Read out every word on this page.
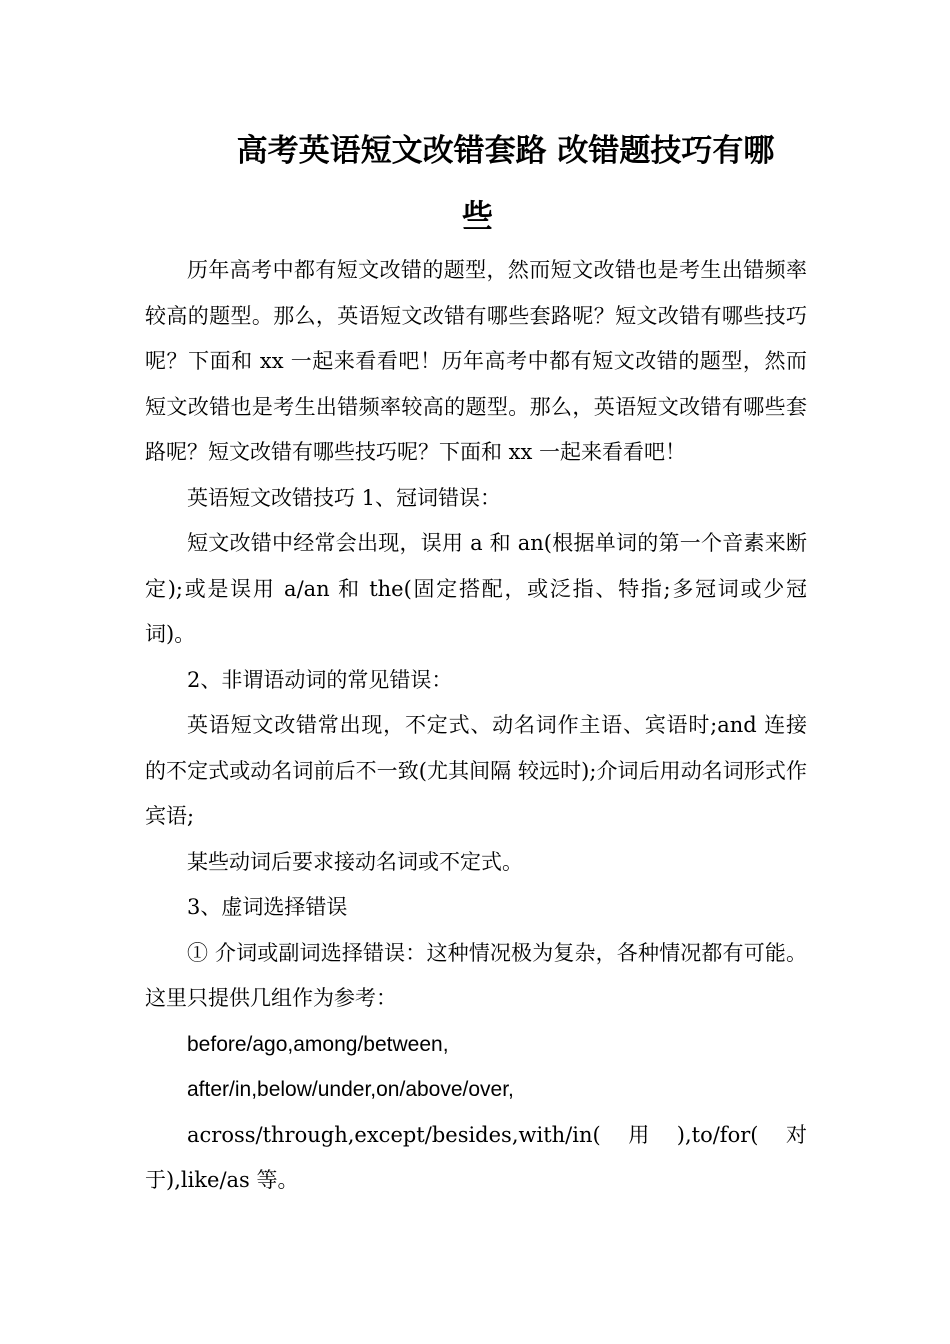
高考英语短文改错套路 改错题技巧有哪
些

历年高考中都有短文改错的题型，然而短文改错也是考生出错频率较高的题型。那么，英语短文改错有哪些套路呢？短文改错有哪些技巧呢？下面和 xx 一起来看看吧！历年高考中都有短文改错的题型，然而短文改错也是考生出错频率较高的题型。那么，英语短文改错有哪些套路呢？短文改错有哪些技巧呢？下面和 xx 一起来看看吧！

英语短文改错技巧 1、冠词错误：

短文改错中经常会出现，误用 a 和 an(根据单词的第一个音素来断定);或是误用 a/an 和 the(固定搭配，或泛指、特指;多冠词或少冠词)。

2、非谓语动词的常见错误：

英语短文改错常出现，不定式、动名词作主语、宾语时;and 连接的不定式或动名词前后不一致(尤其间隔 较远时);介词后用动名词形式作宾语;

某些动词后要求接动名词或不定式。

3、虚词选择错误

① 介词或副词选择错误：这种情况极为复杂，各种情况都有可能。这里只提供几组作为参考：

before/ago,among/between,

after/in,below/under,on/above/over,

across/through,except/besides,with/in(用),to/for(对于),like/as 等。
